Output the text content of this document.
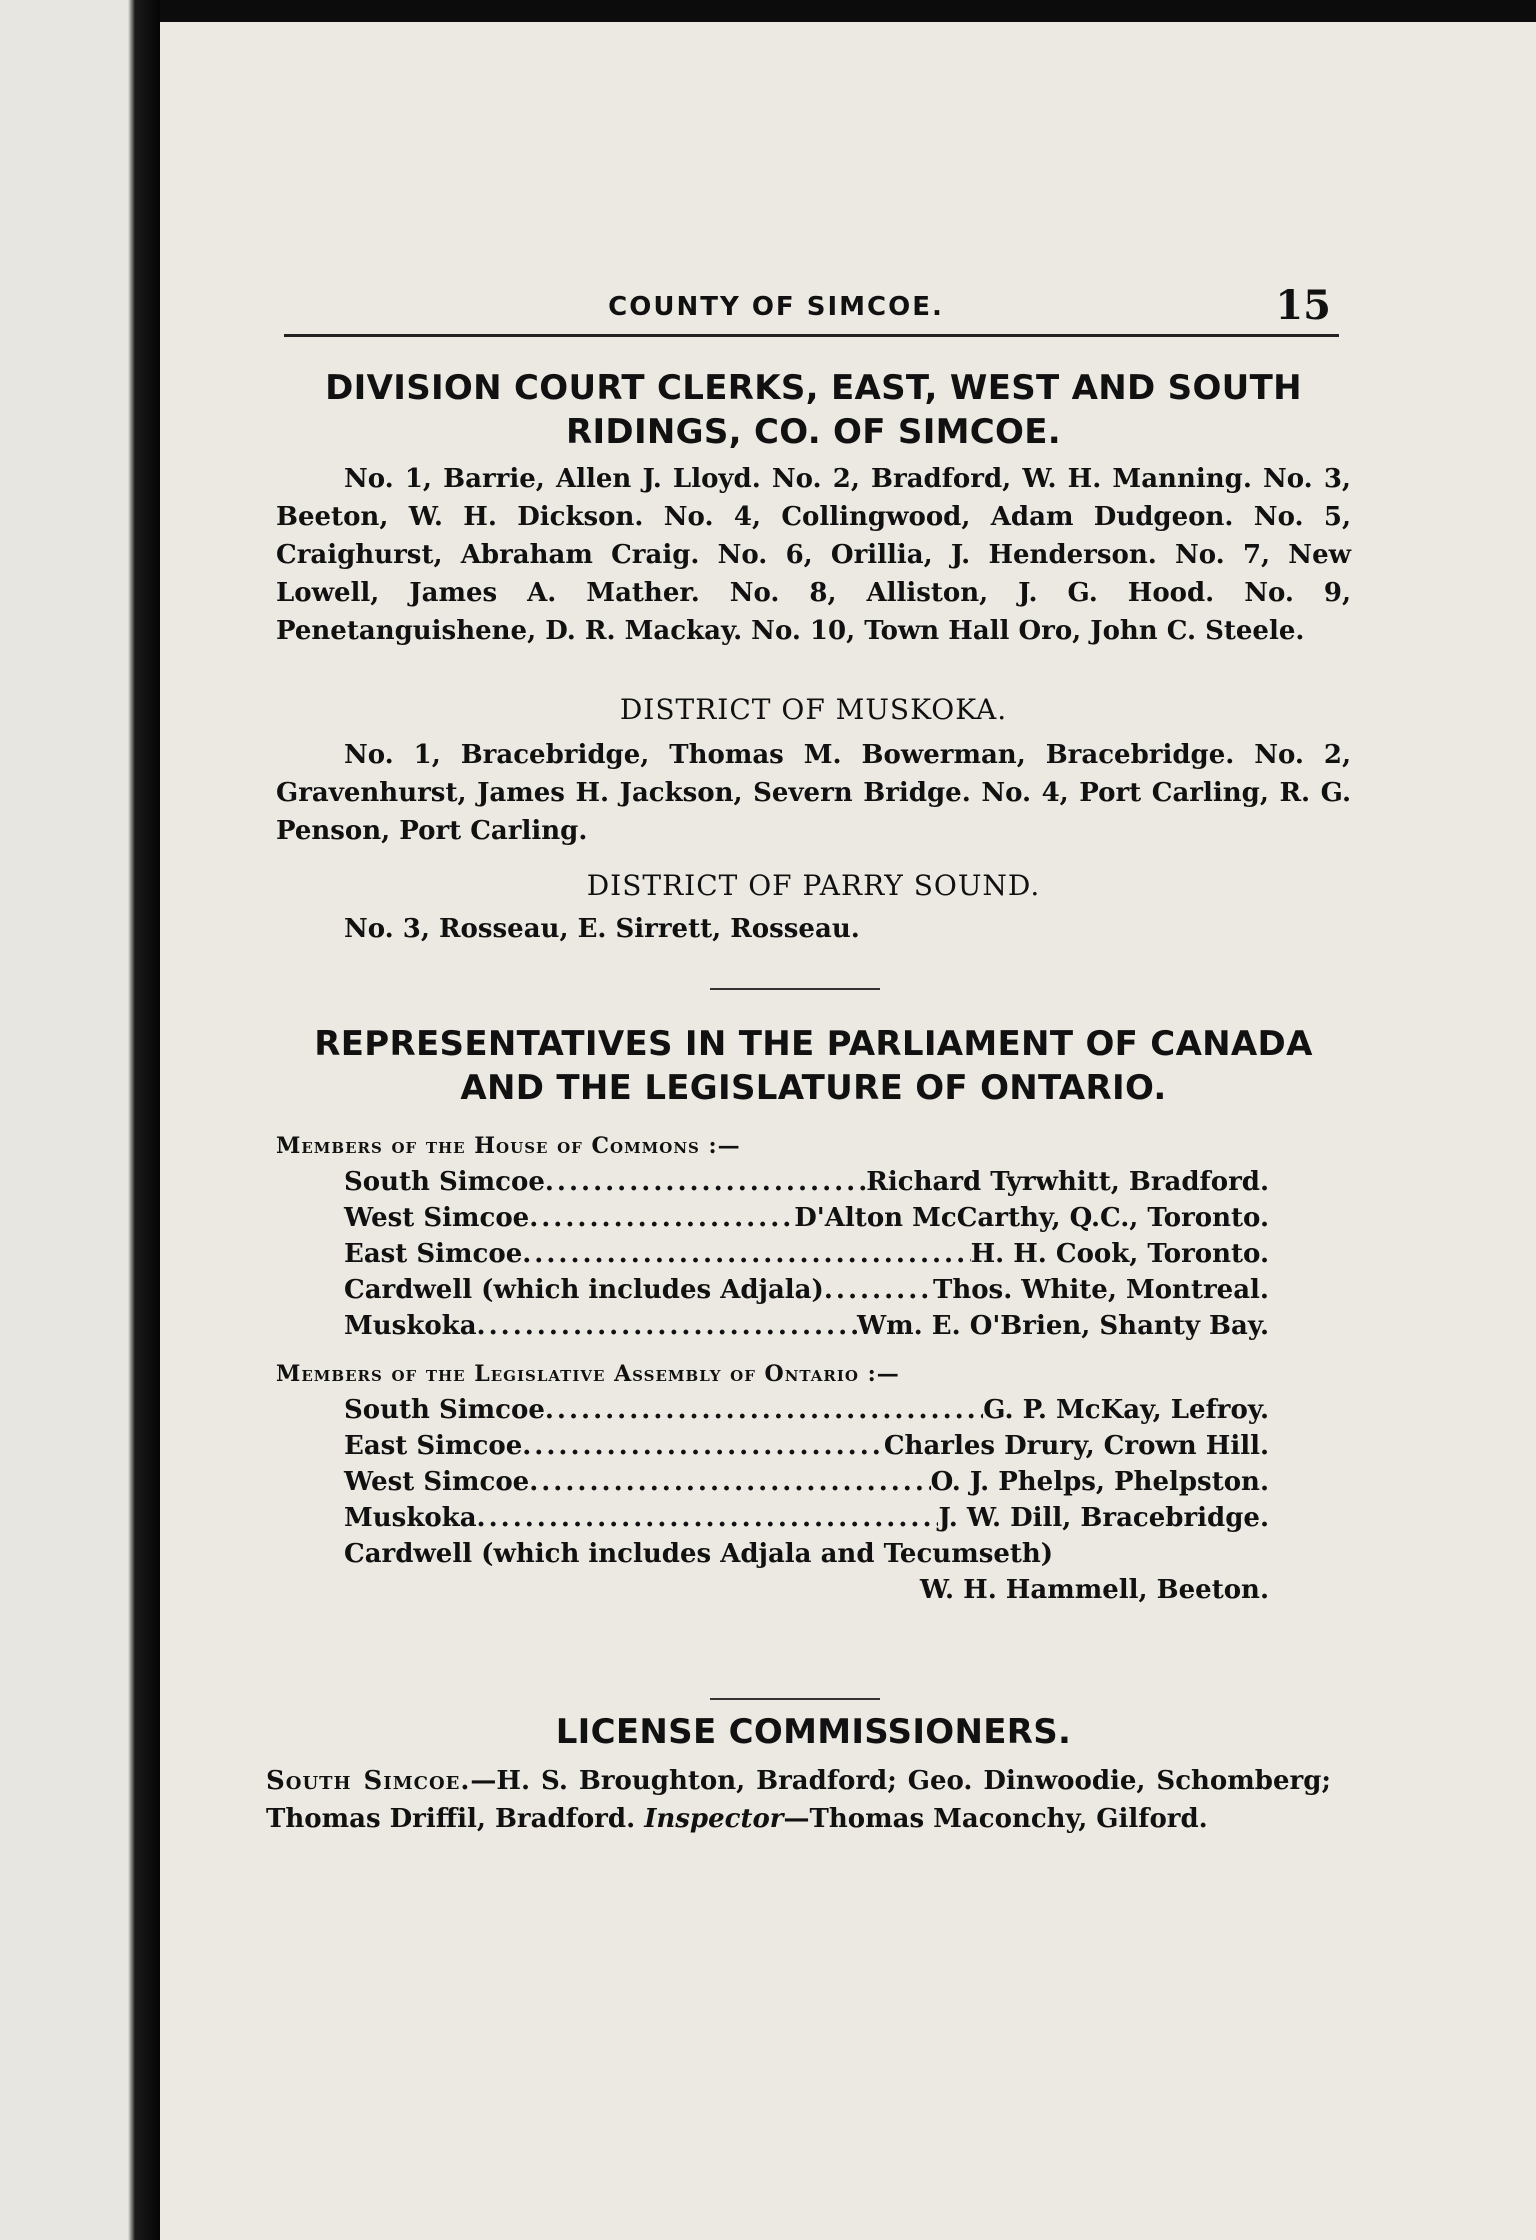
COUNTY OF SIMCOE.	15
DIVISION COURT CLERKS, EAST, WEST AND SOUTH
RIDINGS, CO. OF SIMCOE.
No. 1, Barrie, Allen J. Lloyd. No. 2, Bradford, W. H. Manning. No. 3, Beeton, W. H. Dickson. No. 4, Collingwood, Adam Dudgeon. No. 5, Craighurst, Abraham Craig. No. 6, Orillia, J. Henderson. No. 7, New Lowell, James A. Mather. No. 8, Alliston, J. G. Hood. No. 9, Penetanguishene, D. R. Mackay. No. 10, Town Hall Oro, John C. Steele.
DISTRICT OF MUSKOKA.
No. 1, Bracebridge, Thomas M. Bowerman, Bracebridge. No. 2, Gravenhurst, James H. Jackson, Severn Bridge. No. 4, Port Carling, R. G. Penson, Port Carling.
DISTRICT OF PARRY SOUND.
No. 3, Rosseau, E. Sirrett, Rosseau.
REPRESENTATIVES IN THE PARLIAMENT OF CANADA
AND THE LEGISLATURE OF ONTARIO.
Members of the House of Commons :—
South Simcoe .....	Richard Tyrwhitt, Bradford.
West Simcoe .....	D'Alton McCarthy, Q.C., Toronto.
East Simcoe .....	H. H. Cook, Toronto.
Cardwell (which includes Adjala) .....	Thos. White, Montreal.
Muskoka .....	Wm. E. O'Brien, Shanty Bay.
Members of the Legislative Assembly of Ontario :—
South Simcoe .....	G. P. McKay, Lefroy.
East Simcoe .....	Charles Drury, Crown Hill.
West Simcoe .....	O. J. Phelps, Phelpston.
Muskoka .....	J. W. Dill, Bracebridge.
Cardwell (which includes Adjala and Tecumseth)
W. H. Hammell, Beeton.
LICENSE COMMISSIONERS.
South Simcoe.—H. S. Broughton, Bradford; Geo. Dinwoodie, Schomberg; Thomas Driffil, Bradford. Inspector—Thomas Maconchy, Gilford.
